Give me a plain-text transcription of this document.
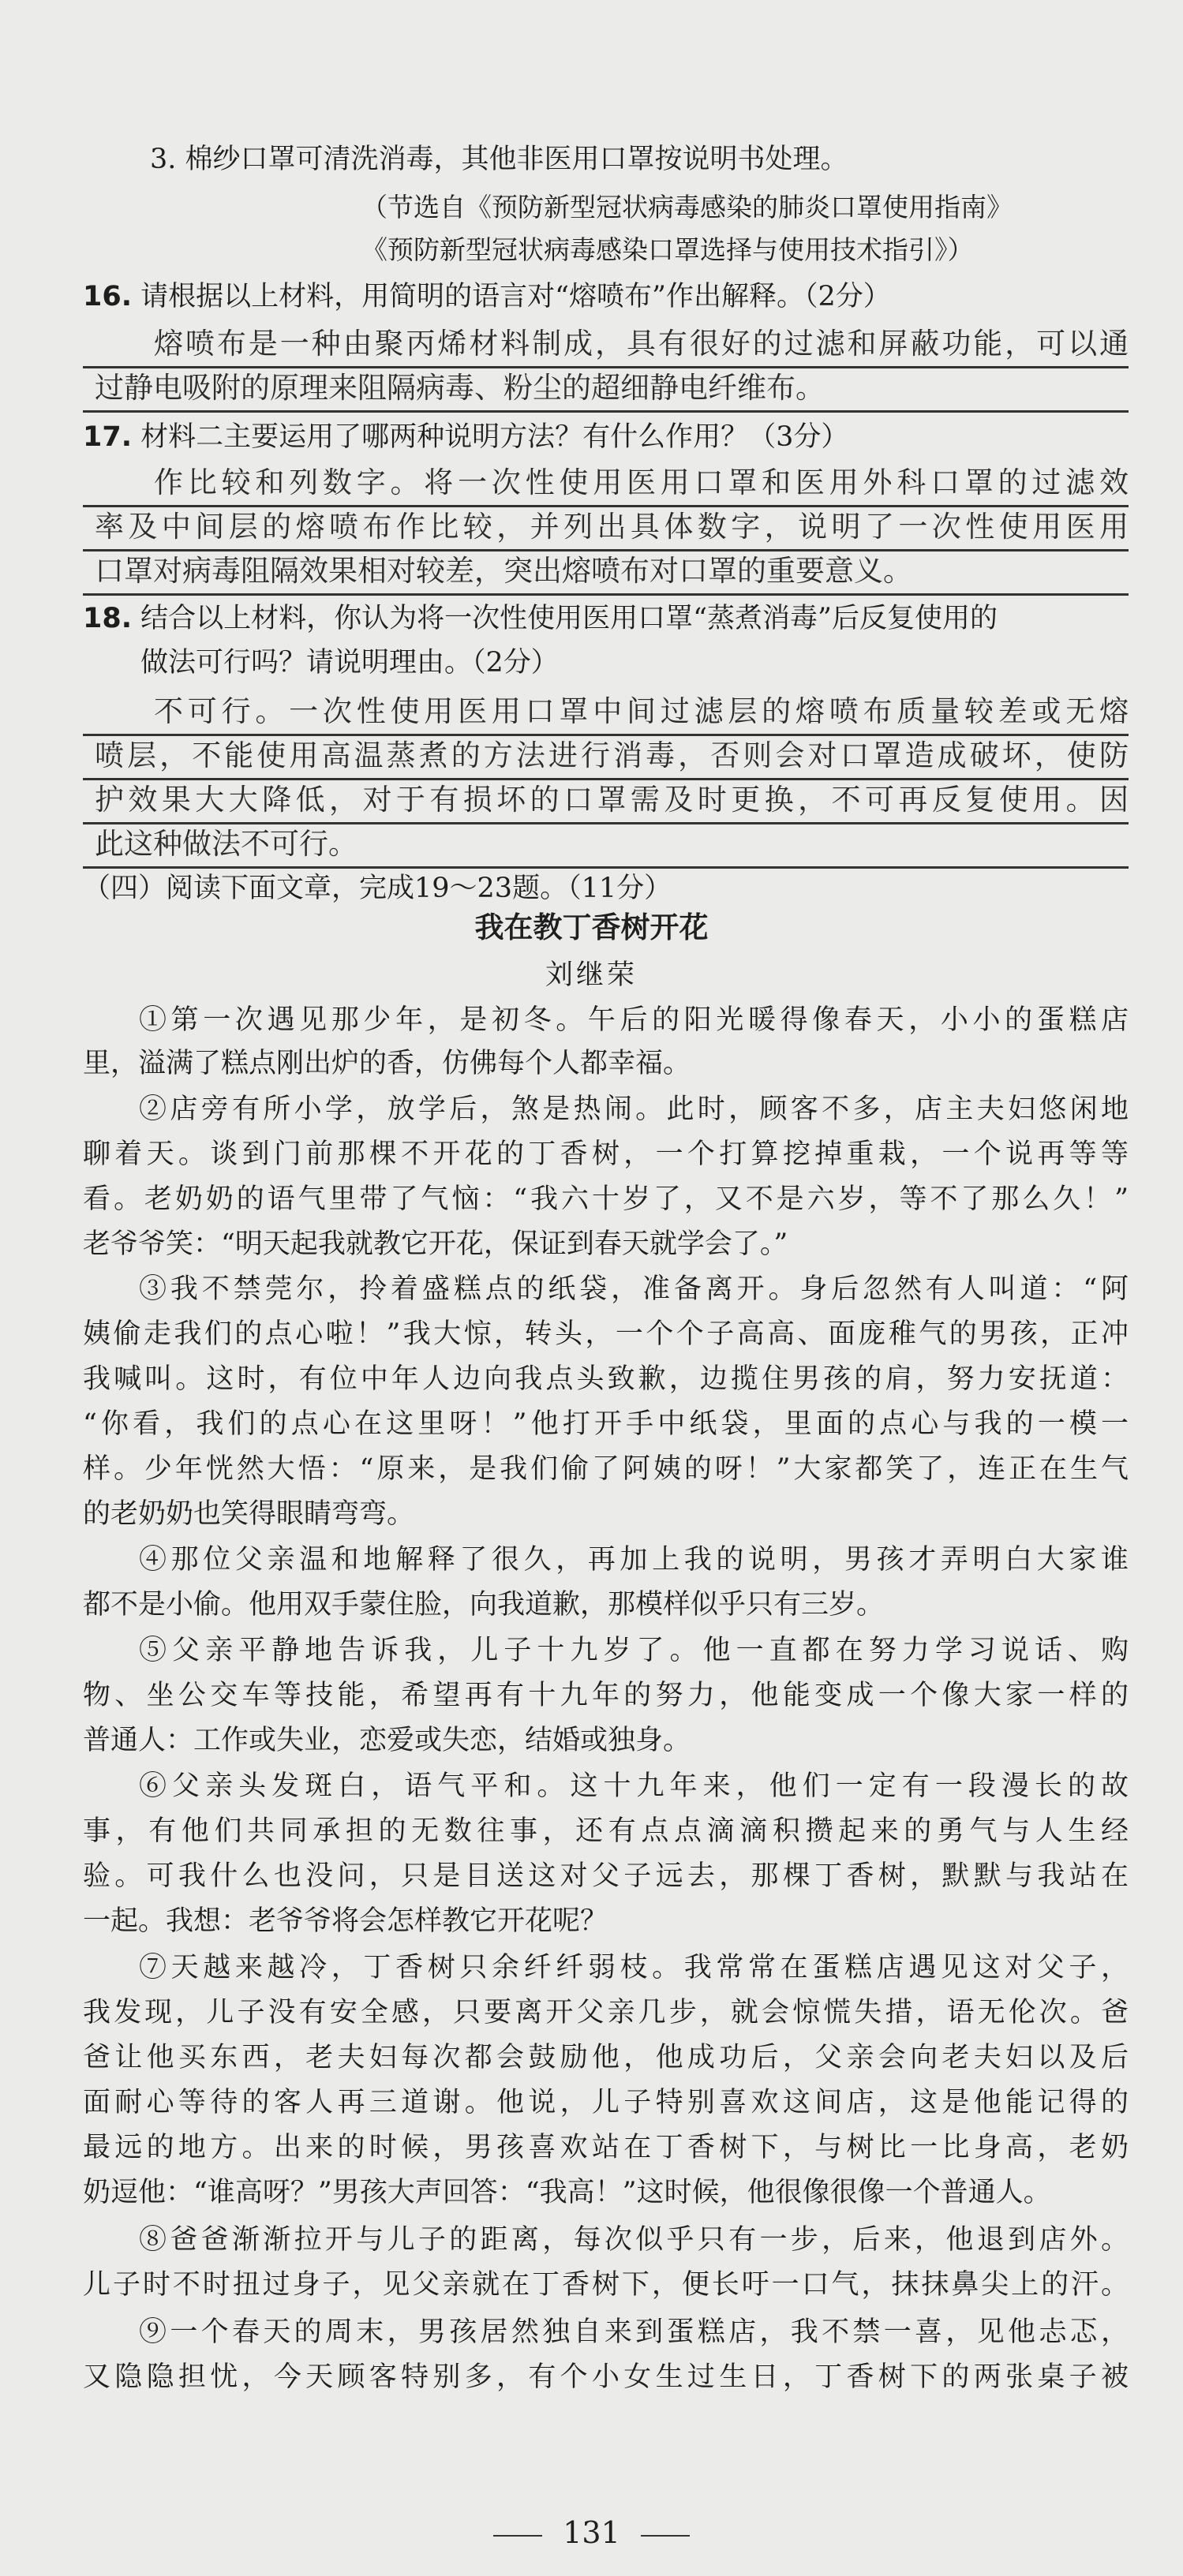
3. 棉纱口罩可清洗消毒，其他非医用口罩按说明书处理。
（节选自《预防新型冠状病毒感染的肺炎口罩使用指南》
《预防新型冠状病毒感染口罩选择与使用技术指引》）
16. 请根据以上材料，用简明的语言对“熔喷布”作出解释。（2分）
熔喷布是一种由聚丙烯材料制成，具有很好的过滤和屏蔽功能，可以通
过静电吸附的原理来阻隔病毒、粉尘的超细静电纤维布。
17. 材料二主要运用了哪两种说明方法？有什么作用？（3分）
作比较和列数字。将一次性使用医用口罩和医用外科口罩的过滤效
率及中间层的熔喷布作比较，并列出具体数字，说明了一次性使用医用
口罩对病毒阻隔效果相对较差，突出熔喷布对口罩的重要意义。
18. 结合以上材料，你认为将一次性使用医用口罩“蒸煮消毒”后反复使用的
做法可行吗？请说明理由。（2分）
不可行。一次性使用医用口罩中间过滤层的熔喷布质量较差或无熔
喷层，不能使用高温蒸煮的方法进行消毒，否则会对口罩造成破坏，使防
护效果大大降低，对于有损坏的口罩需及时更换，不可再反复使用。因
此这种做法不可行。
（四）阅读下面文章，完成19～23题。（11分）
我在教丁香树开花
刘继荣
①第一次遇见那少年，是初冬。午后的阳光暖得像春天，小小的蛋糕店
里，溢满了糕点刚出炉的香，仿佛每个人都幸福。
②店旁有所小学，放学后，煞是热闹。此时，顾客不多，店主夫妇悠闲地
聊着天。谈到门前那棵不开花的丁香树，一个打算挖掉重栽，一个说再等等
看。老奶奶的语气里带了气恼：“我六十岁了，又不是六岁，等不了那么久！”
老爷爷笑：“明天起我就教它开花，保证到春天就学会了。”
③我不禁莞尔，拎着盛糕点的纸袋，准备离开。身后忽然有人叫道：“阿
姨偷走我们的点心啦！”我大惊，转头，一个个子高高、面庞稚气的男孩，正冲
我喊叫。这时，有位中年人边向我点头致歉，边揽住男孩的肩，努力安抚道：
“你看，我们的点心在这里呀！”他打开手中纸袋，里面的点心与我的一模一
样。少年恍然大悟：“原来，是我们偷了阿姨的呀！”大家都笑了，连正在生气
的老奶奶也笑得眼睛弯弯。
④那位父亲温和地解释了很久，再加上我的说明，男孩才弄明白大家谁
都不是小偷。他用双手蒙住脸，向我道歉，那模样似乎只有三岁。
⑤父亲平静地告诉我，儿子十九岁了。他一直都在努力学习说话、购
物、坐公交车等技能，希望再有十九年的努力，他能变成一个像大家一样的
普通人：工作或失业，恋爱或失恋，结婚或独身。
⑥父亲头发斑白，语气平和。这十九年来，他们一定有一段漫长的故
事，有他们共同承担的无数往事，还有点点滴滴积攒起来的勇气与人生经
验。可我什么也没问，只是目送这对父子远去，那棵丁香树，默默与我站在
一起。我想：老爷爷将会怎样教它开花呢？
⑦天越来越冷，丁香树只余纤纤弱枝。我常常在蛋糕店遇见这对父子，
我发现，儿子没有安全感，只要离开父亲几步，就会惊慌失措，语无伦次。爸
爸让他买东西，老夫妇每次都会鼓励他，他成功后，父亲会向老夫妇以及后
面耐心等待的客人再三道谢。他说，儿子特别喜欢这间店，这是他能记得的
最远的地方。出来的时候，男孩喜欢站在丁香树下，与树比一比身高，老奶
奶逗他：“谁高呀？”男孩大声回答：“我高！”这时候，他很像很像一个普通人。
⑧爸爸渐渐拉开与儿子的距离，每次似乎只有一步，后来，他退到店外。
儿子时不时扭过身子，见父亲就在丁香树下，便长吁一口气，抹抹鼻尖上的汗。
⑨一个春天的周末，男孩居然独自来到蛋糕店，我不禁一喜，见他忐忑，
又隐隐担忧，今天顾客特别多，有个小女生过生日，丁香树下的两张桌子被
131
